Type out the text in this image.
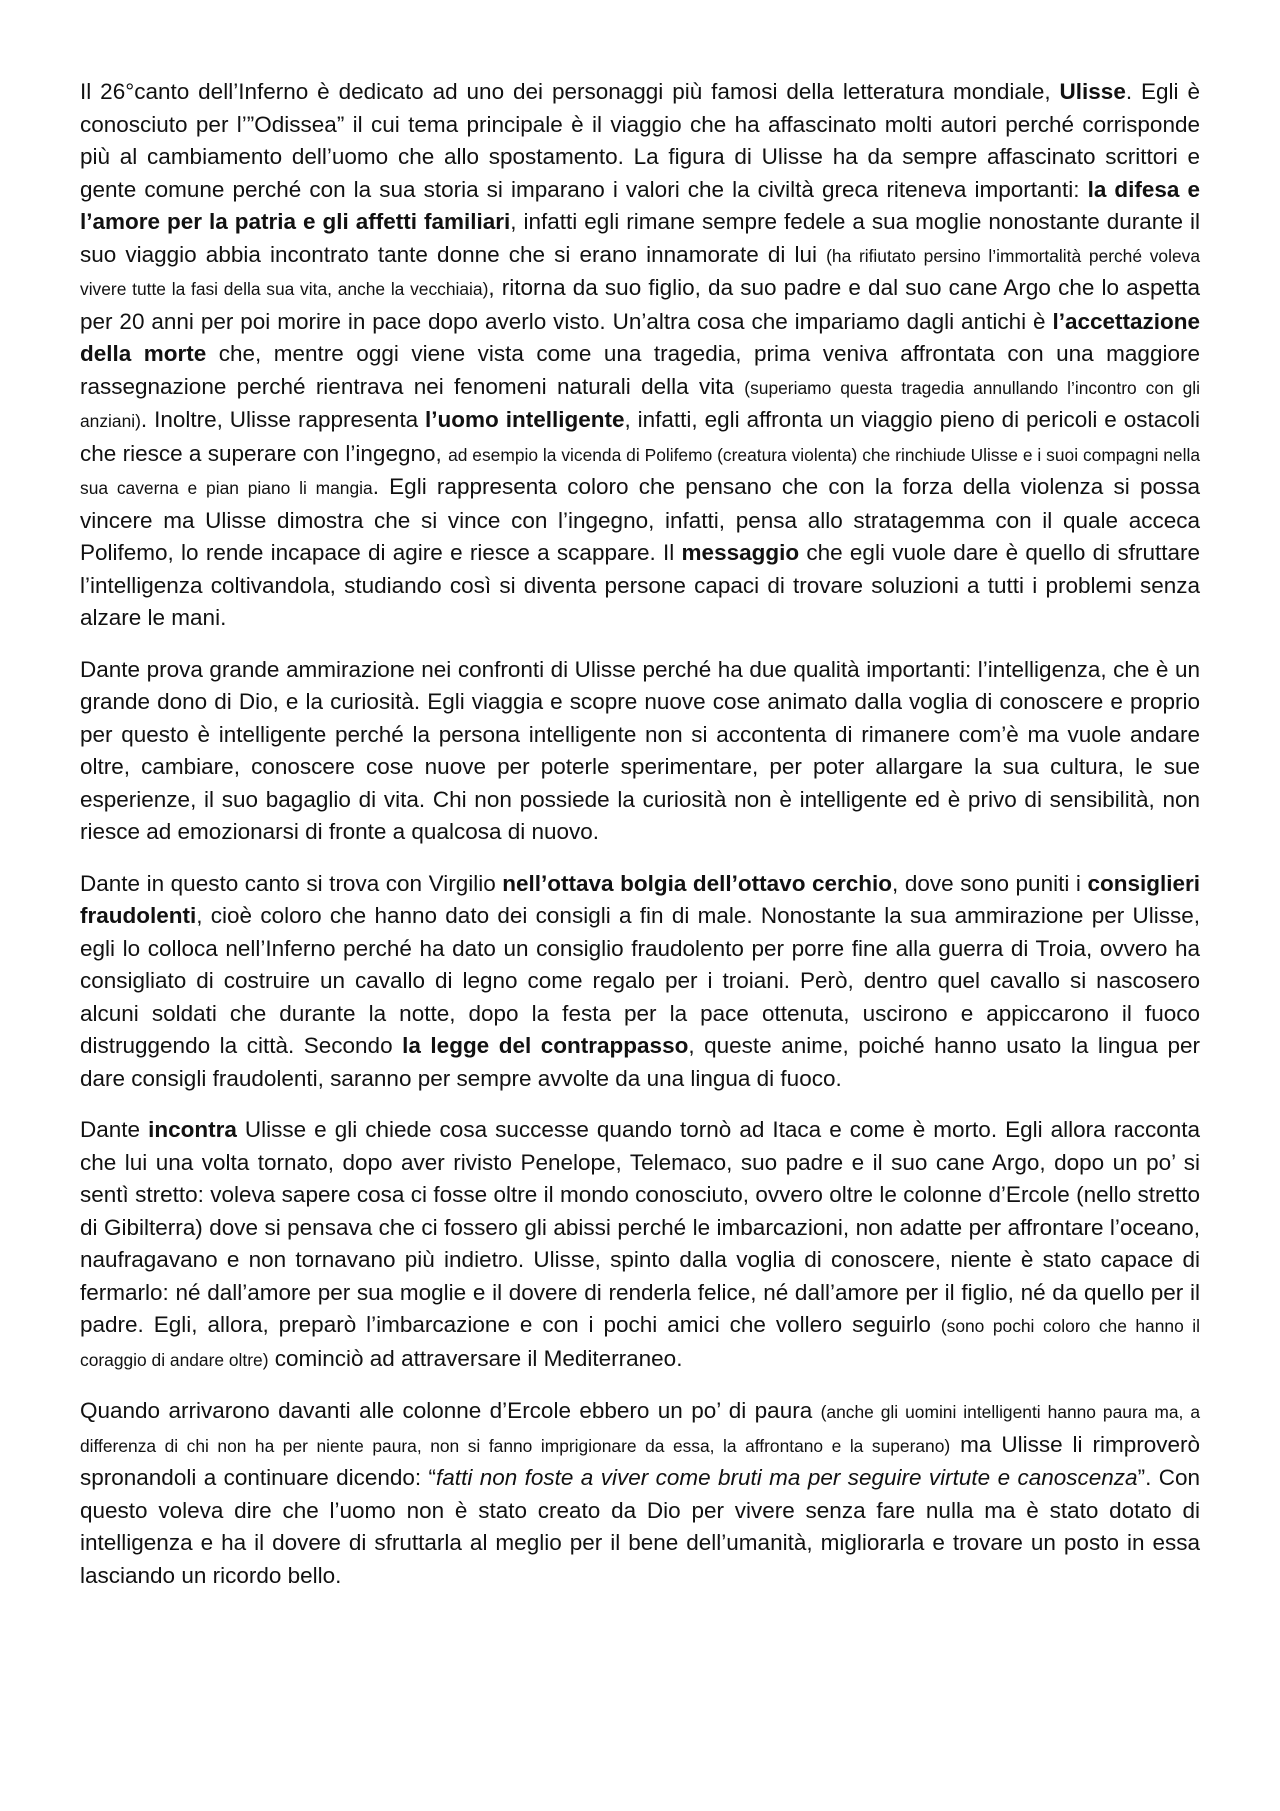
Il 26°canto dell’Inferno è dedicato ad uno dei personaggi più famosi della letteratura mondiale, Ulisse. Egli è conosciuto per l’”Odissea” il cui tema principale è il viaggio che ha affascinato molti autori perché corrisponde più al cambiamento dell’uomo che allo spostamento. La figura di Ulisse ha da sempre affascinato scrittori e gente comune perché con la sua storia si imparano i valori che la civiltà greca riteneva importanti: la difesa e l’amore per la patria e gli affetti familiari, infatti egli rimane sempre fedele a sua moglie nonostante durante il suo viaggio abbia incontrato tante donne che si erano innamorate di lui (ha rifiutato persino l’immortalità perché voleva vivere tutte la fasi della sua vita, anche la vecchiaia), ritorna da suo figlio, da suo padre e dal suo cane Argo che lo aspetta per 20 anni per poi morire in pace dopo averlo visto. Un’altra cosa che impariamo dagli antichi è l’accettazione della morte che, mentre oggi viene vista come una tragedia, prima veniva affrontata con una maggiore rassegnazione perché rientrava nei fenomeni naturali della vita (superiamo questa tragedia annullando l’incontro con gli anziani). Inoltre, Ulisse rappresenta l’uomo intelligente, infatti, egli affronta un viaggio pieno di pericoli e ostacoli che riesce a superare con l’ingegno, ad esempio la vicenda di Polifemo (creatura violenta) che rinchiude Ulisse e i suoi compagni nella sua caverna e pian piano li mangia. Egli rappresenta coloro che pensano che con la forza della violenza si possa vincere ma Ulisse dimostra che si vince con l’ingegno, infatti, pensa allo stratagemma con il quale acceca Polifemo, lo rende incapace di agire e riesce a scappare. Il messaggio che egli vuole dare è quello di sfruttare l’intelligenza coltivandola, studiando così si diventa persone capaci di trovare soluzioni a tutti i problemi senza alzare le mani.

Dante prova grande ammirazione nei confronti di Ulisse perché ha due qualità importanti: l’intelligenza, che è un grande dono di Dio, e la curiosità. Egli viaggia e scopre nuove cose animato dalla voglia di conoscere e proprio per questo è intelligente perché la persona intelligente non si accontenta di rimanere com’è ma vuole andare oltre, cambiare, conoscere cose nuove per poterle sperimentare, per poter allargare la sua cultura, le sue esperienze, il suo bagaglio di vita. Chi non possiede la curiosità non è intelligente ed è privo di sensibilità, non riesce ad emozionarsi di fronte a qualcosa di nuovo.

Dante in questo canto si trova con Virgilio nell’ottava bolgia dell’ottavo cerchio, dove sono puniti i consiglieri fraudolenti, cioè coloro che hanno dato dei consigli a fin di male. Nonostante la sua ammirazione per Ulisse, egli lo colloca nell’Inferno perché ha dato un consiglio fraudolento per porre fine alla guerra di Troia, ovvero ha consigliato di costruire un cavallo di legno come regalo per i troiani. Però, dentro quel cavallo si nascosero alcuni soldati che durante la notte, dopo la festa per la pace ottenuta, uscirono e appiccarono il fuoco distruggendo la città. Secondo la legge del contrappasso, queste anime, poiché hanno usato la lingua per dare consigli fraudolenti, saranno per sempre avvolte da una lingua di fuoco.

Dante incontra Ulisse e gli chiede cosa successe quando tornò ad Itaca e come è morto. Egli allora racconta che lui una volta tornato, dopo aver rivisto Penelope, Telemaco, suo padre e il suo cane Argo, dopo un po’ si sentì stretto: voleva sapere cosa ci fosse oltre il mondo conosciuto, ovvero oltre le colonne d’Ercole (nello stretto di Gibilterra) dove si pensava che ci fossero gli abissi perché le imbarcazioni, non adatte per affrontare l’oceano, naufragavano e non tornavano più indietro. Ulisse, spinto dalla voglia di conoscere, niente è stato capace di fermarlo: né dall’amore per sua moglie e il dovere di renderla felice, né dall’amore per il figlio, né da quello per il padre. Egli, allora, preparò l’imbarcazione e con i pochi amici che vollero seguirlo (sono pochi coloro che hanno il coraggio di andare oltre) cominciò ad attraversare il Mediterraneo.

Quando arrivarono davanti alle colonne d’Ercole ebbero un po’ di paura (anche gli uomini intelligenti hanno paura ma, a differenza di chi non ha per niente paura, non si fanno imprigionare da essa, la affrontano e la superano) ma Ulisse li rimproverò spronandoli a continuare dicendo: “fatti non foste a viver come bruti ma per seguire virtute e canoscenza”. Con questo voleva dire che l’uomo non è stato creato da Dio per vivere senza fare nulla ma è stato dotato di intelligenza e ha il dovere di sfruttarla al meglio per il bene dell’umanità, migliorarla e trovare un posto in essa lasciando un ricordo bello.
